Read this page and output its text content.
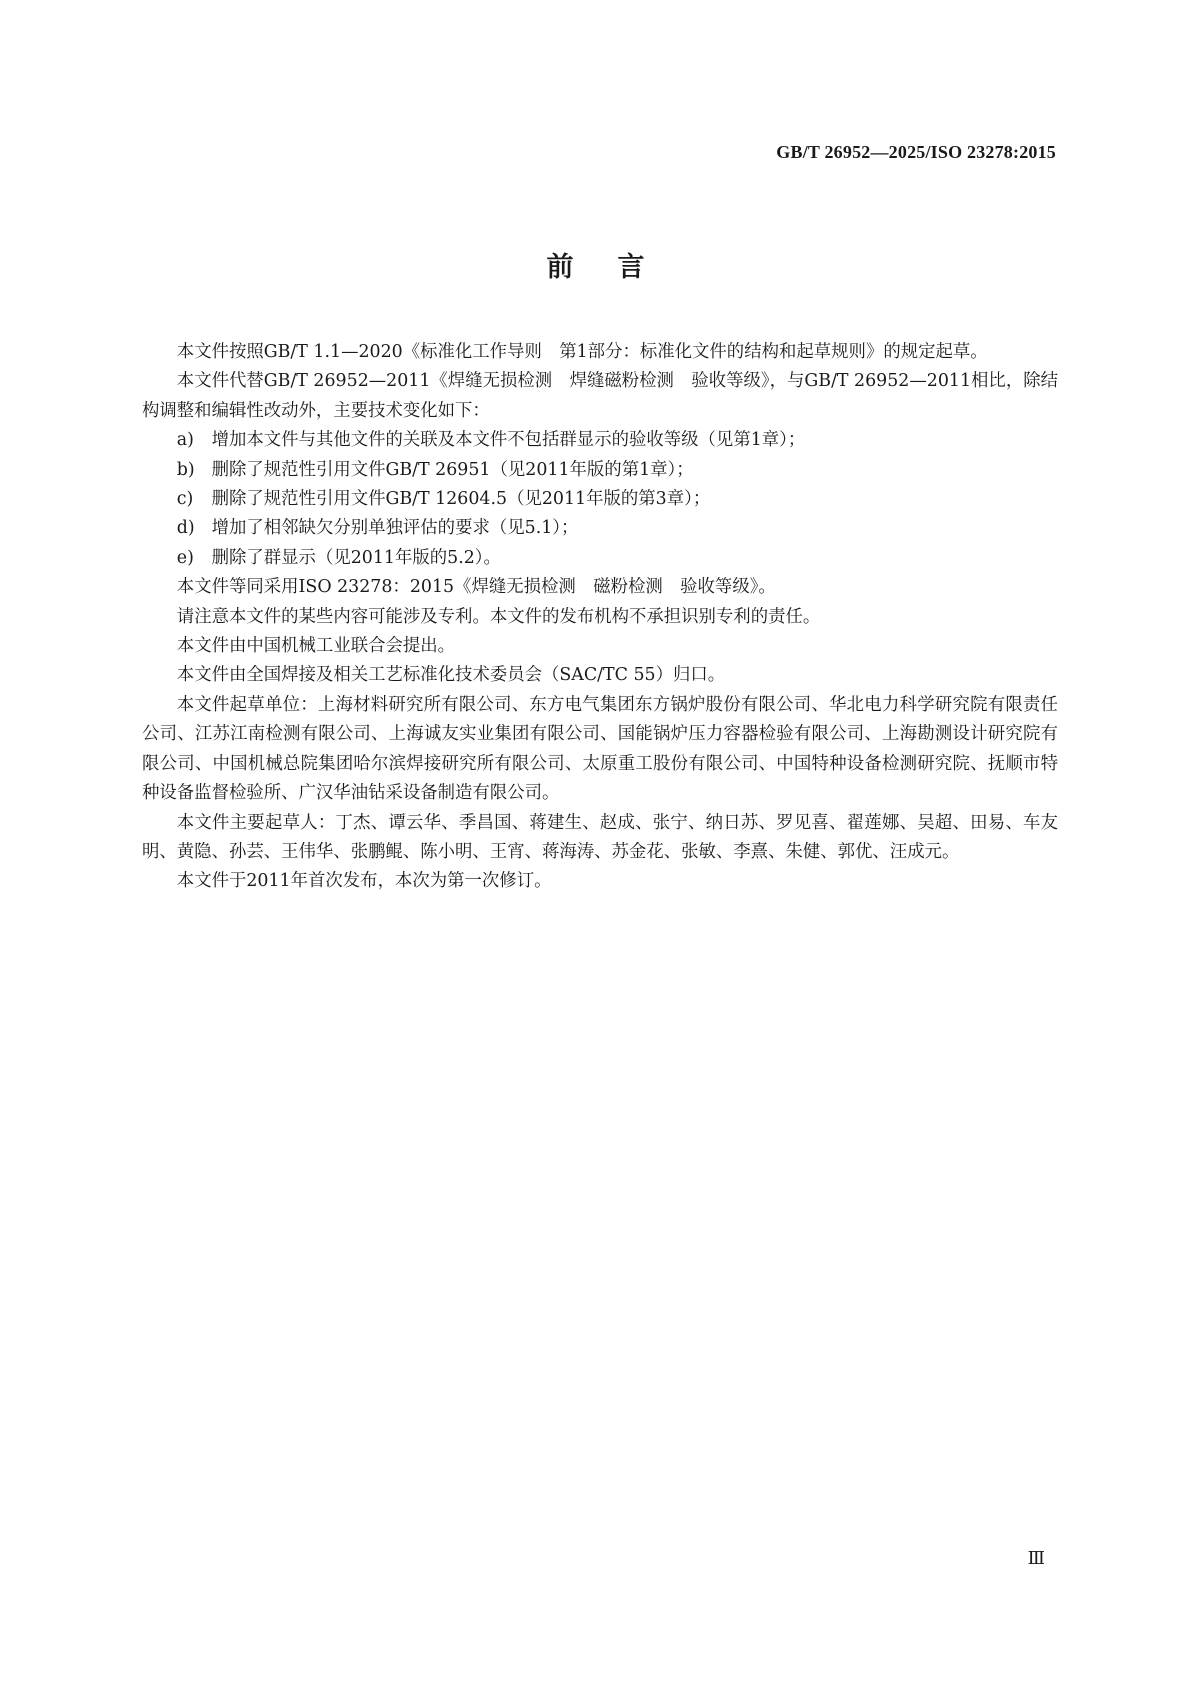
GB/T 26952—2025/ISO 23278:2015
前言

本文件按照GB/T 1.1—2020《标准化工作导则　第1部分：标准化文件的结构和起草规则》的规定起草。

本文件代替GB/T 26952—2011《焊缝无损检测　焊缝磁粉检测　验收等级》，与GB/T 26952—2011相比，除结构调整和编辑性改动外，主要技术变化如下：

a) 增加本文件与其他文件的关联及本文件不包括群显示的验收等级（见第1章）；

b) 删除了规范性引用文件GB/T 26951（见2011年版的第1章）；

c) 删除了规范性引用文件GB/T 12604.5（见2011年版的第3章）；

d) 增加了相邻缺欠分别单独评估的要求（见5.1）；

e) 删除了群显示（见2011年版的5.2）。

本文件等同采用ISO 23278：2015《焊缝无损检测　磁粉检测　验收等级》。

请注意本文件的某些内容可能涉及专利。本文件的发布机构不承担识别专利的责任。

本文件由中国机械工业联合会提出。

本文件由全国焊接及相关工艺标准化技术委员会（SAC/TC 55）归口。

本文件起草单位：上海材料研究所有限公司、东方电气集团东方锅炉股份有限公司、华北电力科学研究院有限责任公司、江苏江南检测有限公司、上海诚友实业集团有限公司、国能锅炉压力容器检验有限公司、上海勘测设计研究院有限公司、中国机械总院集团哈尔滨焊接研究所有限公司、太原重工股份有限公司、中国特种设备检测研究院、抚顺市特种设备监督检验所、广汉华油钻采设备制造有限公司。

本文件主要起草人：丁杰、谭云华、季昌国、蒋建生、赵成、张宁、纳日苏、罗见喜、翟莲娜、吴超、田易、车友明、黄隐、孙芸、王伟华、张鹏鲲、陈小明、王宵、蒋海涛、苏金花、张敏、李熹、朱健、郭优、汪成元。

本文件于2011年首次发布，本次为第一次修订。

Ⅲ
